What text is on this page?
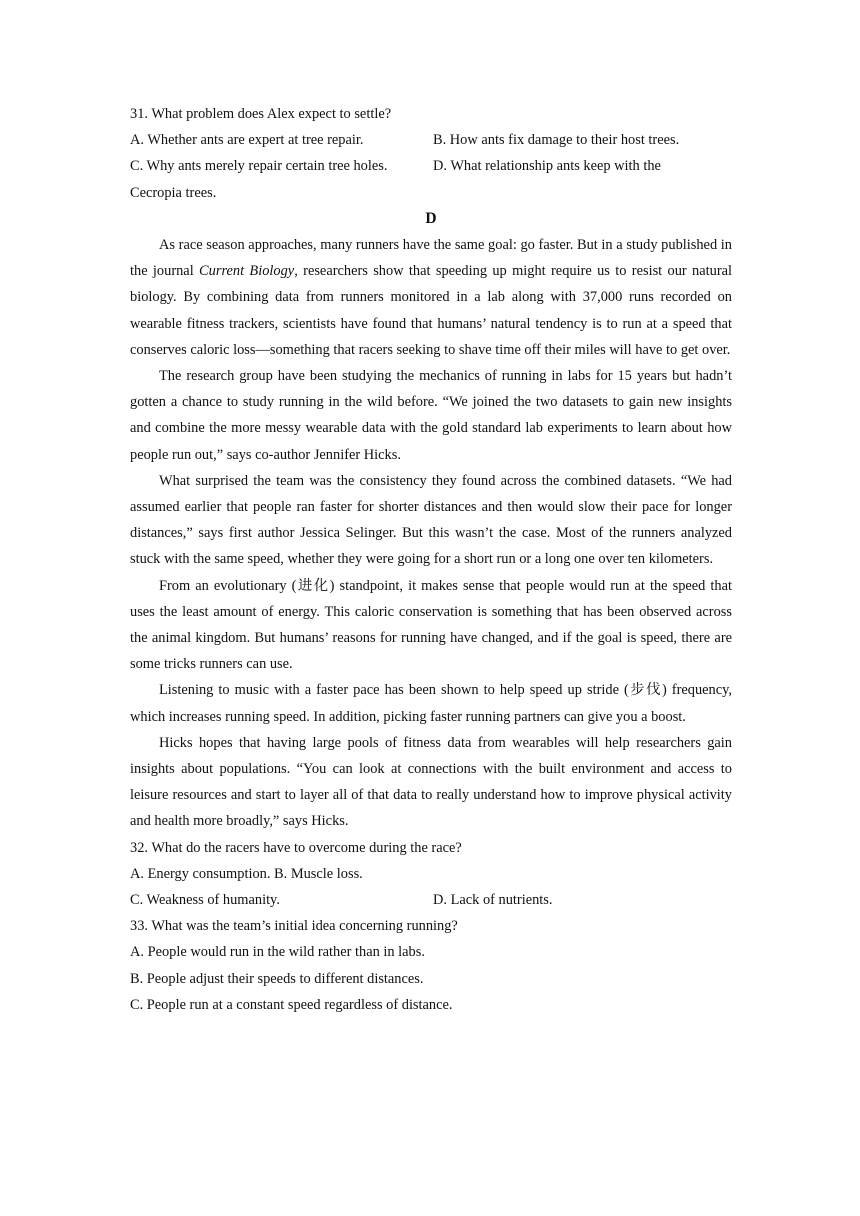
31. What problem does Alex expect to settle?
A. Whether ants are expert at tree repair.	B. How ants fix damage to their host trees.
C. Why ants merely repair certain tree holes.	D. What relationship ants keep with the
Cecropia trees.
D

As race season approaches, many runners have the same goal: go faster. But in a study published in the journal Current Biology, researchers show that speeding up might require us to resist our natural biology. By combining data from runners monitored in a lab along with 37,000 runs recorded on wearable fitness trackers, scientists have found that humans’ natural tendency is to run at a speed that conserves caloric loss—something that racers seeking to shave time off their miles will have to get over.

The research group have been studying the mechanics of running in labs for 15 years but hadn’t gotten a chance to study running in the wild before. “We joined the two datasets to gain new insights and combine the more messy wearable data with the gold standard lab experiments to learn about how people run out,” says co-author Jennifer Hicks.

What surprised the team was the consistency they found across the combined datasets. “We had assumed earlier that people ran faster for shorter distances and then would slow their pace for longer distances,” says first author Jessica Selinger. But this wasn’t the case. Most of the runners analyzed stuck with the same speed, whether they were going for a short run or a long one over ten kilometers.

From an evolutionary (进化) standpoint, it makes sense that people would run at the speed that uses the least amount of energy. This caloric conservation is something that has been observed across the animal kingdom. But humans’ reasons for running have changed, and if the goal is speed, there are some tricks runners can use.

Listening to music with a faster pace has been shown to help speed up stride (步伐) frequency, which increases running speed. In addition, picking faster running partners can give you a boost.

Hicks hopes that having large pools of fitness data from wearables will help researchers gain insights about populations. “You can look at connections with the built environment and access to leisure resources and start to layer all of that data to really understand how to improve physical activity and health more broadly,” says Hicks.

32. What do the racers have to overcome during the race?
A. Energy consumption. B. Muscle loss.
C. Weakness of humanity.	D. Lack of nutrients.
33. What was the team’s initial idea concerning running?
A. People would run in the wild rather than in labs.
B. People adjust their speeds to different distances.
C. People run at a constant speed regardless of distance.
